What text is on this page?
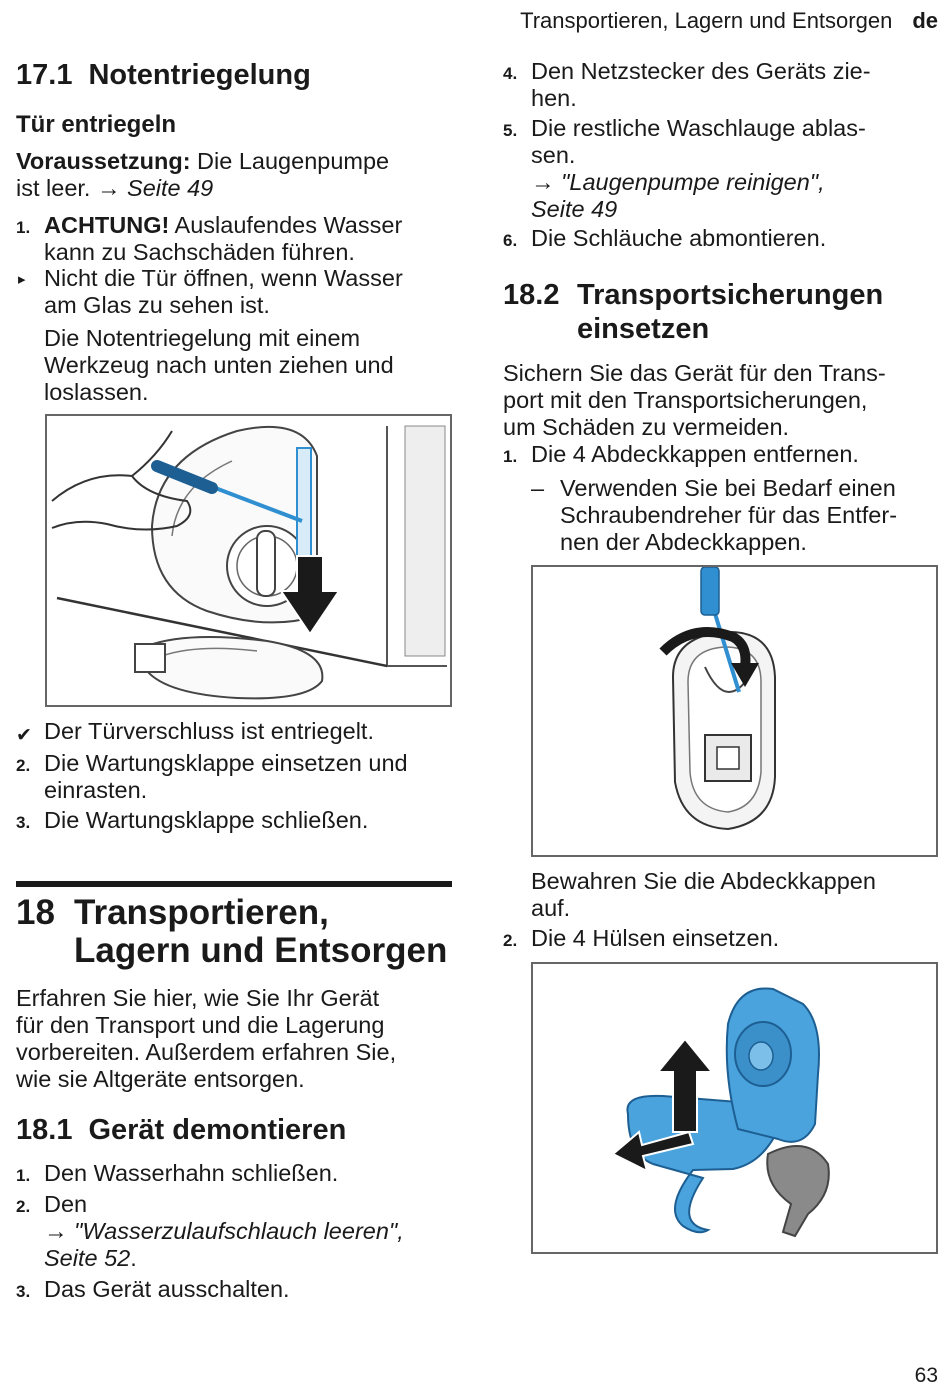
Transportieren, Lagern und Entsorgen de
17.1 Notentriegelung
Tür entriegeln
Voraussetzung: Die Laugenpumpe
ist leer. → Seite 49
1. ACHTUNG! Auslaufendes Wasser
kann zu Sachschäden führen.
▸ Nicht die Tür öffnen, wenn Wasser
am Glas zu sehen ist.
Die Notentriegelung mit einem
Werkzeug nach unten ziehen und
loslassen.
✔ Der Türverschluss ist entriegelt.
2. Die Wartungsklappe einsetzen und
einrasten.
3. Die Wartungsklappe schließen.
18 Transportieren,
Lagern und Entsorgen
Erfahren Sie hier, wie Sie Ihr Gerät
für den Transport und die Lagerung
vorbereiten. Außerdem erfahren Sie,
wie sie Altgeräte entsorgen.
18.1 Gerät demontieren
1. Den Wasserhahn schließen.
2. Den
→ "Wasserzulaufschlauch leeren",
Seite 52.
3. Das Gerät ausschalten.
4. Den Netzstecker des Geräts zie-
hen.
5. Die restliche Waschlauge ablas-
sen.
→ "Laugenpumpe reinigen",
Seite 49
6. Die Schläuche abmontieren.
18.2 Transportsicherungen
einsetzen
Sichern Sie das Gerät für den Trans-
port mit den Transportsicherungen,
um Schäden zu vermeiden.
1. Die 4 Abdeckkappen entfernen.
– Verwenden Sie bei Bedarf einen
Schraubendreher für das Entfer-
nen der Abdeckkappen.
Bewahren Sie die Abdeckkappen
auf.
2. Die 4 Hülsen einsetzen.
63
